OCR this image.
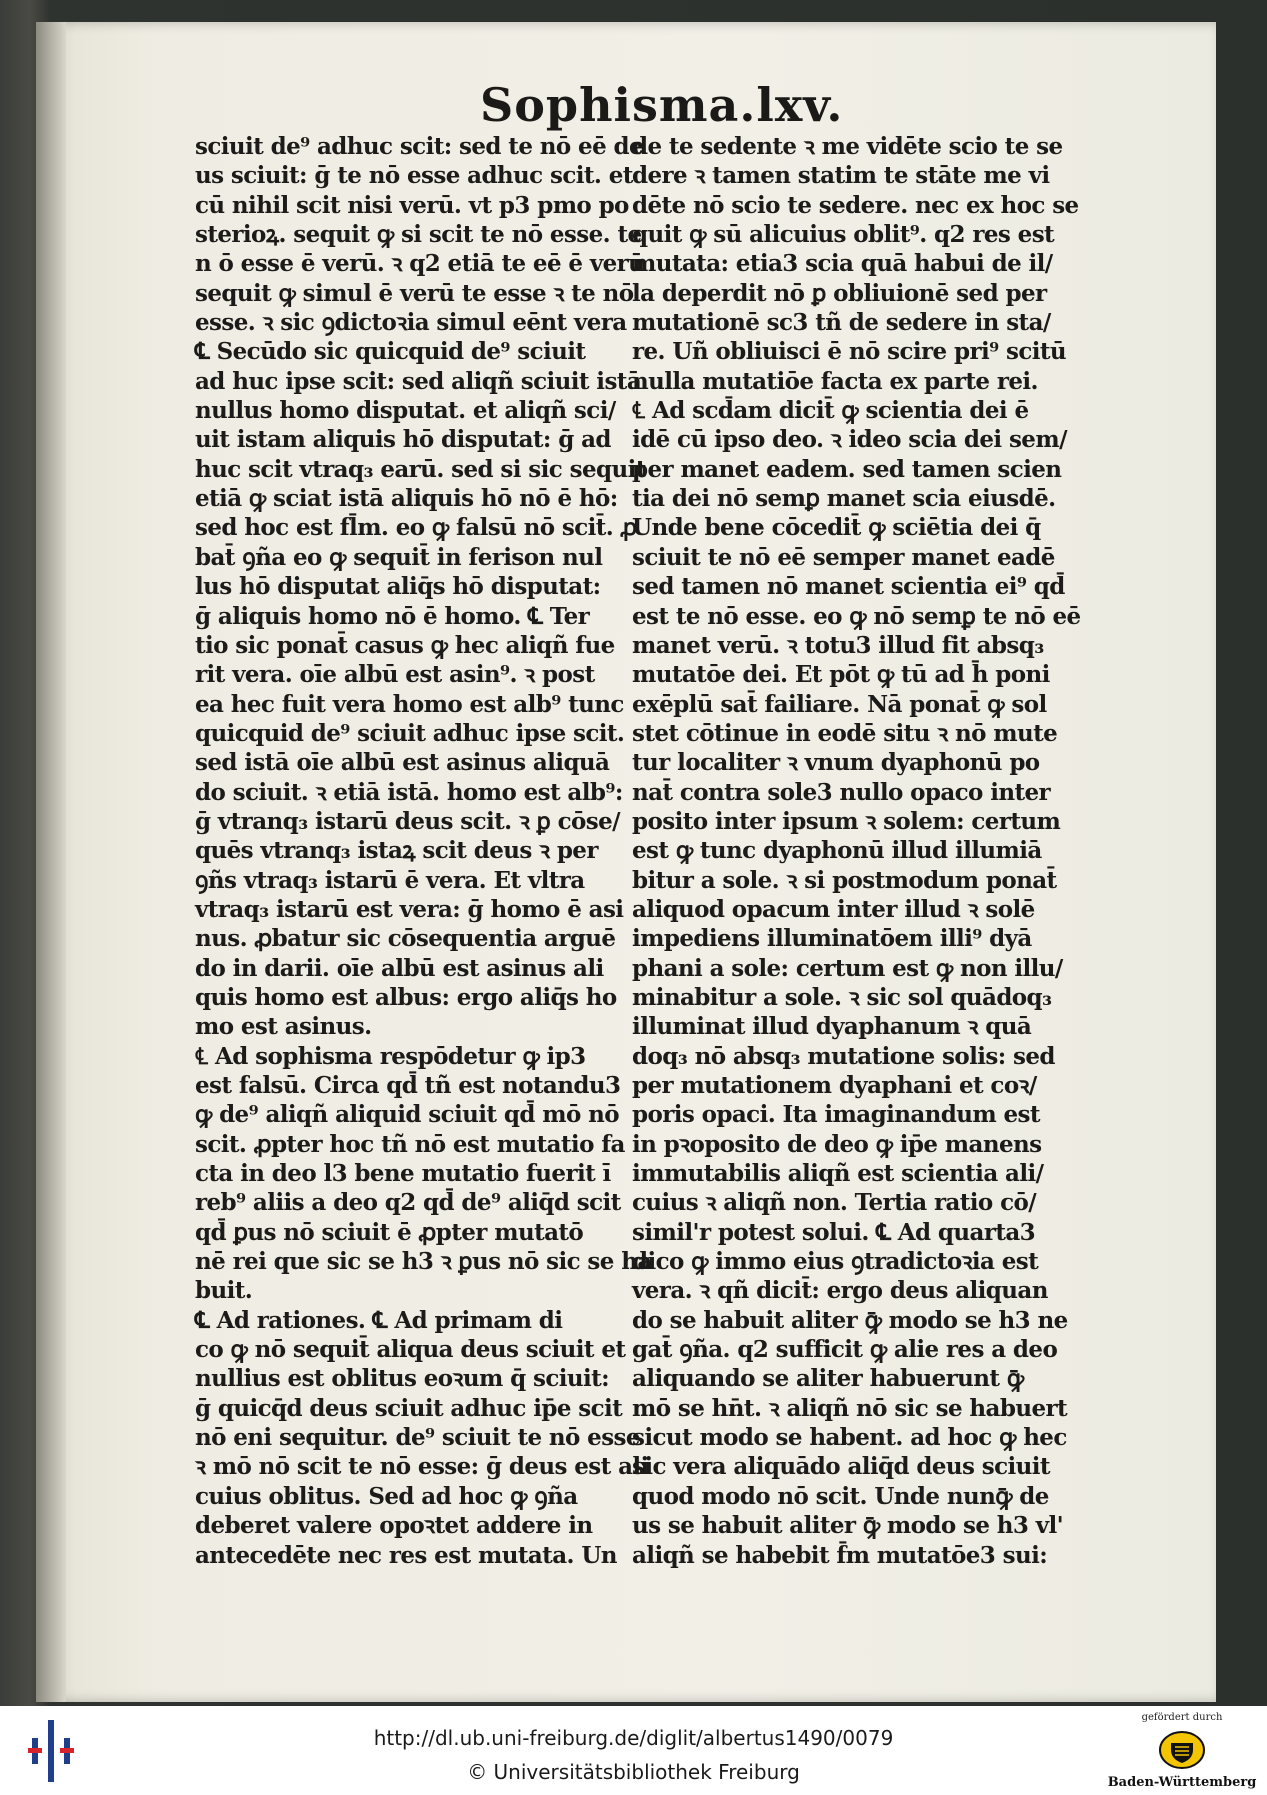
Sophisma.lxv.
sciuit de⁹ adhuc scit: sed te nō eē de
us sciuit: ḡ te nō esse adhuc scit. et
cū nihil scit nisi verū. vt p3 pmo po
sterioꝝ. sequit ꝙ si scit te nō esse. te
n ō esse ē verū. ꝛ q2 etiā te eē ē verū
sequit ꝙ simul ē verū te esse ꝛ te nō
esse. ꝛ sic ꝯdictoꝛia simul eēnt vera
℄ Secūdo sic quicquid de⁹ sciuit
ad huc ipse scit: sed aliqñ sciuit istā
nullus homo disputat. et aliqñ sci/
uit istam aliquis hō disputat: ḡ ad
huc scit vtraq₃ earū. sed si sic sequit
etiā ꝙ sciat istā aliquis hō nō ē hō:
sed hoc est fl̄m. eo ꝙ falsū nō scit̄. ꝓ
bat̄ ꝯña eo ꝙ sequit̄ in ferison nul
lus hō disputat aliq̄s hō disputat:
ḡ aliquis homo nō ē homo. ℄ Ter
tio sic ponat̄ casus ꝙ hec aliqñ fue
rit vera. oīe albū est asin⁹. ꝛ post
ea hec fuit vera homo est alb⁹ tunc
quicquid de⁹ sciuit adhuc ipse scit.
sed istā oīe albū est asinus aliquā
do sciuit. ꝛ etiā istā. homo est alb⁹:
ḡ vtranq₃ istarū deus scit. ꝛ ꝑ cōse/
quēs vtranq₃ istaꝝ scit deus ꝛ per
ꝯñs vtraq₃ istarū ē vera. Et vltra
vtraq₃ istarū est vera: ḡ homo ē asi
nus. ꝓbatur sic cōsequentia arguē
do in darii. oīe albū est asinus ali
quis homo est albus: ergo aliq̄s ho
mo est asinus.
℄ Ad sophisma respōdetur ꝙ ip3
est falsū. Circa qd̄ tñ est notandu3
ꝙ de⁹ aliqñ aliquid sciuit qd̄ mō nō
scit. ꝓpter hoc tñ nō est mutatio fa
cta in deo l3 bene mutatio fuerit ī
reb⁹ aliis a deo q2 qd̄ de⁹ aliq̄d scit
qd̄ ꝑus nō sciuit ē ꝓpter mutatō
nē rei que sic se h3 ꝛ ꝑus nō sic se ha
buit.
℄ Ad rationes. ℄ Ad primam di
co ꝙ nō sequit̄ aliqua deus sciuit et
nullius est oblitus eoꝛum q̄ sciuit:
ḡ quicq̄d deus sciuit adhuc ip̄e scit
nō eni sequitur. de⁹ sciuit te nō esse
ꝛ mō nō scit te nō esse: ḡ deus est ali
cuius oblitus. Sed ad hoc ꝙ ꝯña
deberet valere opoꝛtet addere in
antecedēte nec res est mutata. Un
de te sedente ꝛ me vidēte scio te se
dere ꝛ tamen statim te stāte me vi
dēte nō scio te sedere. nec ex hoc se
quit ꝙ sū alicuius oblit⁹. q2 res est
mutata: etia3 scia quā habui de il/
la deperdit nō ꝑ obliuionē sed per
mutationē sc3 tñ de sedere in sta/
re. Uñ obliuisci ē nō scire pri⁹ scitū
nulla mutatiōe facta ex parte rei.
℄ Ad scd̄am dicit̄ ꝙ scientia dei ē
idē cū ipso deo. ꝛ ideo scia dei sem/
per manet eadem. sed tamen scien
tia dei nō semꝑ manet scia eiusdē.
Unde bene cōcedit̄ ꝙ sciētia dei q̄
sciuit te nō eē semper manet eadē
sed tamen nō manet scientia ei⁹ qd̄
est te nō esse. eo ꝙ nō semꝑ te nō eē
manet verū. ꝛ totu3 illud fit absq₃
mutatōe dei. Et pōt ꝙ tū ad h̄ poni
exēplū sat̄ failiare. Nā ponat̄ ꝙ sol
stet cōtinue in eodē situ ꝛ nō mute
tur localiter ꝛ vnum dyaphonū po
nat̄ contra sole3 nullo opaco inter
posito inter ipsum ꝛ solem: certum
est ꝙ tunc dyaphonū illud illumiā
bitur a sole. ꝛ si postmodum ponat̄
aliquod opacum inter illud ꝛ solē
impediens illuminatōem illi⁹ dyā
phani a sole: certum est ꝙ non illu/
minabitur a sole. ꝛ sic sol quādoq₃
illuminat illud dyaphanum ꝛ quā
doq₃ nō absq₃ mutatione solis: sed
per mutationem dyaphani et coꝛ/
poris opaci. Ita imaginandum est
in pꝛoposito de deo ꝙ ip̄e manens
immutabilis aliqñ est scientia ali/
cuius ꝛ aliqñ non. Tertia ratio cō/
simil'r potest solui. ℄ Ad quarta3
dico ꝙ immo eius ꝯtradictoꝛia est
vera. ꝛ qñ dicit̄: ergo deus aliquan
do se habuit aliter ꝙ̄ modo se h3 ne
gat̄ ꝯña. q2 sufficit ꝙ alie res a deo
aliquando se aliter habuerunt ꝙ̄
mō se hn̄t. ꝛ aliqñ nō sic se habuert
sicut modo se habent. ad hoc ꝙ hec
sic vera aliquādo aliq̄d deus sciuit
quod modo nō scit. Unde nunꝙ̄ de
us se habuit aliter ꝙ̄ modo se h3 vl'
aliqñ se habebit f̄m mutatōe3 sui:
http://dl.ub.uni-freiburg.de/diglit/albertus1490/0079
© Universitätsbibliothek Freiburg
gefördert durch
Baden-Württemberg
